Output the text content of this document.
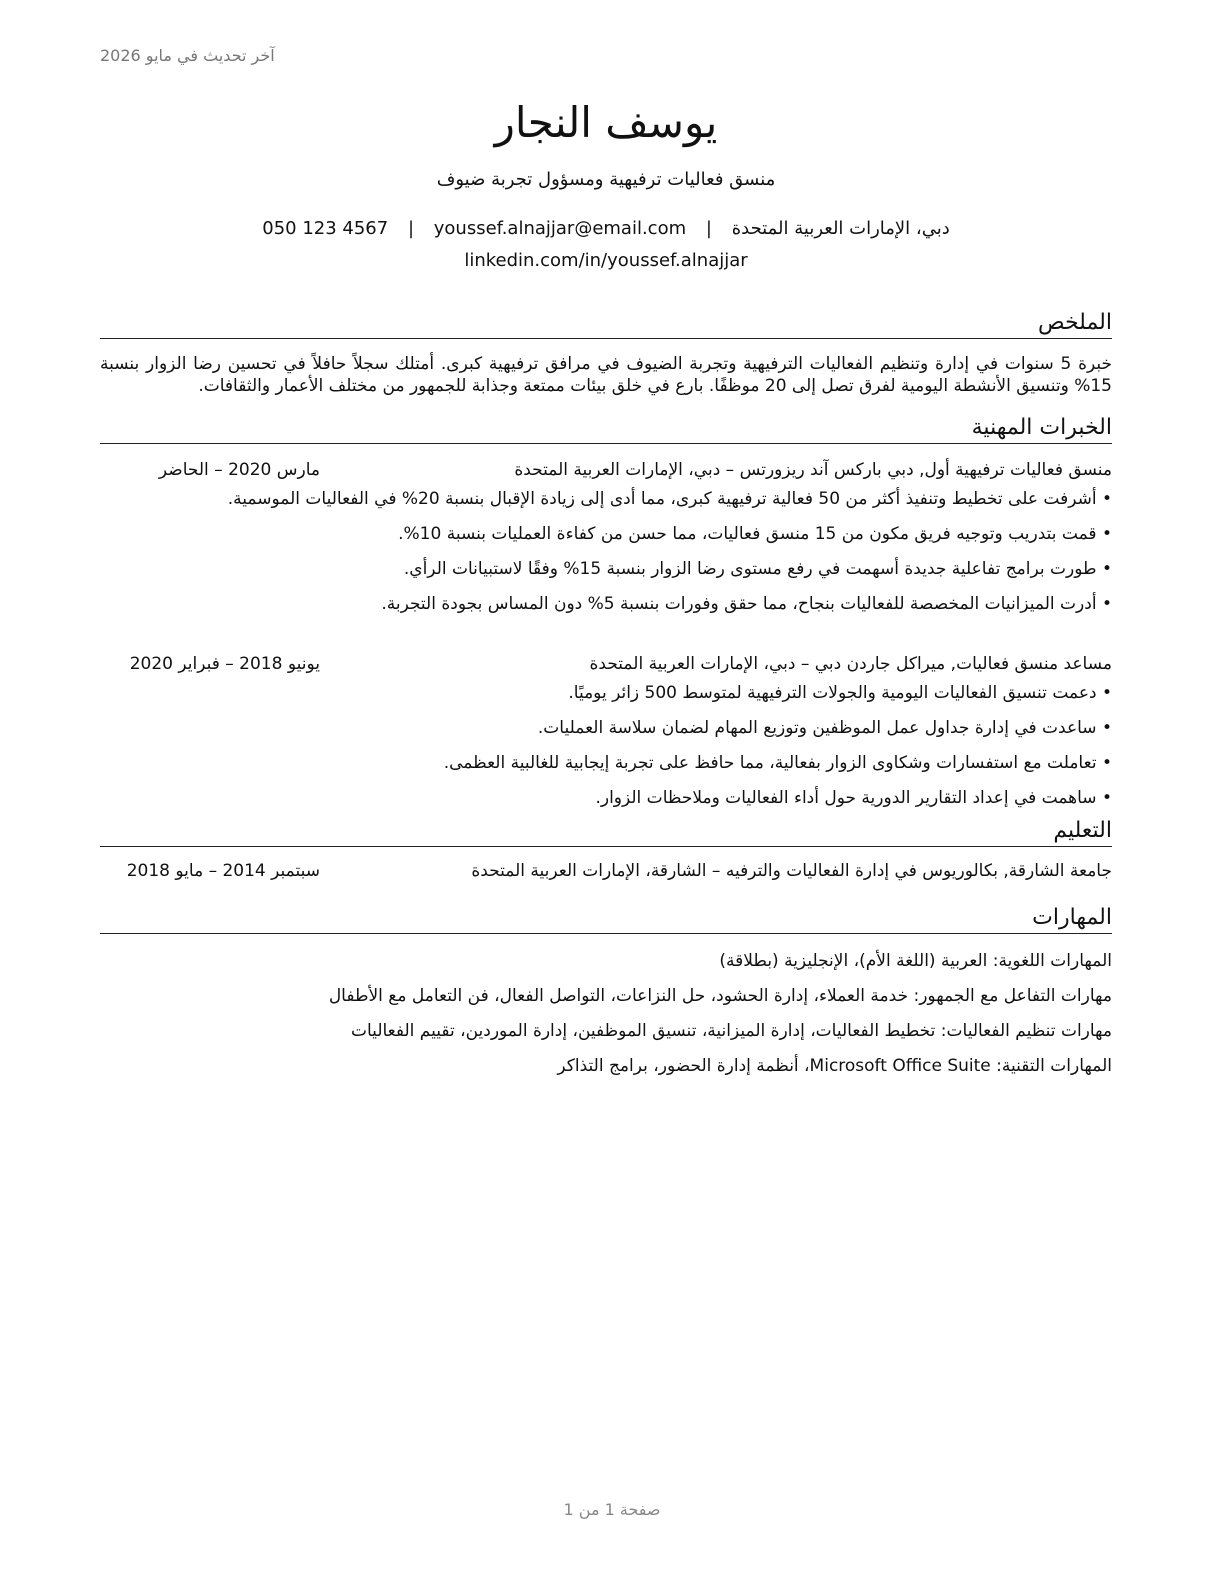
آخر تحديث في مايو 2026
يوسف النجار
منسق فعاليات ترفيهية ومسؤول تجربة ضيوف
050 123 4567 | youssef.alnajjar@email.com | دبي، الإمارات العربية المتحدة
linkedin.com/in/youssef.alnajjar
الملخص

خبرة 5 سنوات في إدارة وتنظيم الفعاليات الترفيهية وتجربة الضيوف في مرافق ترفيهية كبرى. أمتلك سجلاً حافلاً في تحسين رضا الزوار بنسبة 15% وتنسيق الأنشطة اليومية لفرق تصل إلى 20 موظفًا. بارع في خلق بيئات ممتعة وجذابة للجمهور من مختلف الأعمار والثقافات.

الخبرات المهنية
منسق فعاليات ترفيهية أول, دبي باركس آند ريزورتس – دبي، الإمارات العربية المتحدة
مارس 2020 – الحاضر
• أشرفت على تخطيط وتنفيذ أكثر من 50 فعالية ترفيهية كبرى، مما أدى إلى زيادة الإقبال بنسبة 20% في الفعاليات الموسمية.
• قمت بتدريب وتوجيه فريق مكون من 15 منسق فعاليات، مما حسن من كفاءة العمليات بنسبة 10%.
• طورت برامج تفاعلية جديدة أسهمت في رفع مستوى رضا الزوار بنسبة 15% وفقًا لاستبيانات الرأي.
• أدرت الميزانيات المخصصة للفعاليات بنجاح، مما حقق وفورات بنسبة 5% دون المساس بجودة التجربة.
مساعد منسق فعاليات, ميراكل جاردن دبي – دبي، الإمارات العربية المتحدة
يونيو 2018 – فبراير 2020
• دعمت تنسيق الفعاليات اليومية والجولات الترفيهية لمتوسط 500 زائر يوميًا.
• ساعدت في إدارة جداول عمل الموظفين وتوزيع المهام لضمان سلاسة العمليات.
• تعاملت مع استفسارات وشكاوى الزوار بفعالية، مما حافظ على تجربة إيجابية للغالبية العظمى.
• ساهمت في إعداد التقارير الدورية حول أداء الفعاليات وملاحظات الزوار.
التعليم
جامعة الشارقة, بكالوريوس في إدارة الفعاليات والترفيه – الشارقة، الإمارات العربية المتحدة
سبتمبر 2014 – مايو 2018
المهارات
المهارات اللغوية: العربية (اللغة الأم)، الإنجليزية (بطلاقة)
مهارات التفاعل مع الجمهور: خدمة العملاء، إدارة الحشود، حل النزاعات، التواصل الفعال، فن التعامل مع الأطفال
مهارات تنظيم الفعاليات: تخطيط الفعاليات، إدارة الميزانية، تنسيق الموظفين، إدارة الموردين، تقييم الفعاليات
المهارات التقنية: Microsoft Office Suite، أنظمة إدارة الحضور، برامج التذاكر
صفحة 1 من 1
